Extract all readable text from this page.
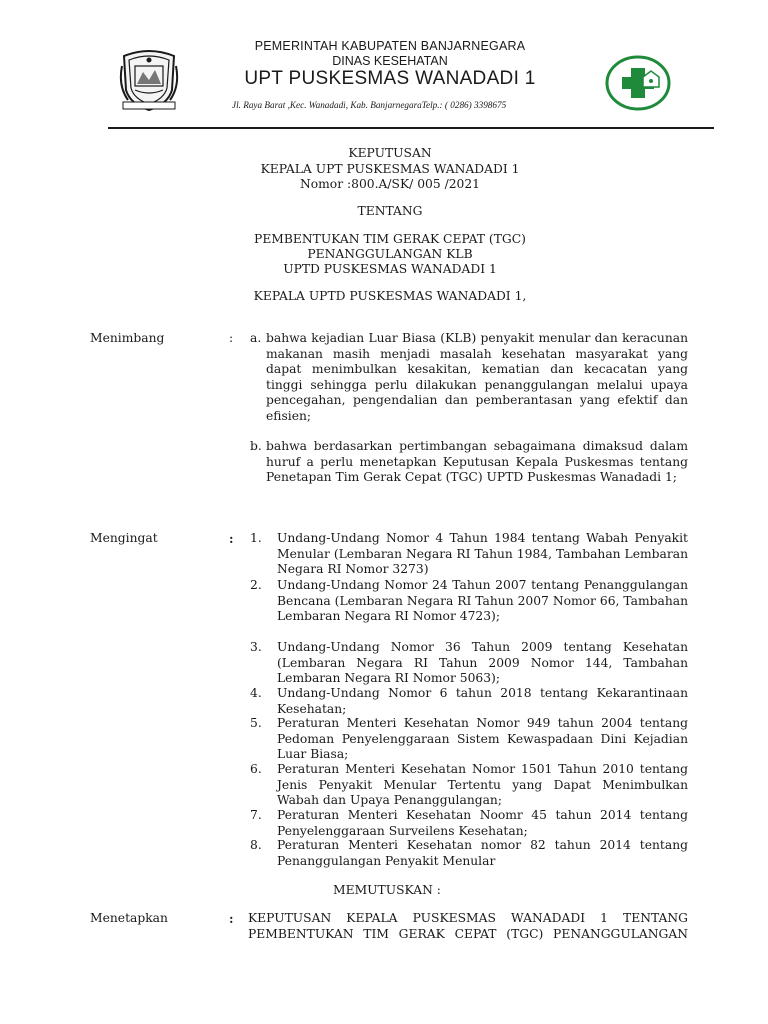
PEMERINTAH KABUPATEN BANJARNEGARA
DINAS KESEHATAN
UPT PUSKESMAS WANADADI 1
Jl. Raya Barat ,Kec. Wanadadi, Kab. BanjarnegaraTelp.: ( 0286) 3398675
KEPUTUSAN
KEPALA UPT PUSKESMAS WANADADI 1
Nomor :800.A/SK/ 005 /2021
TENTANG
PEMBENTUKAN TIM GERAK CEPAT (TGC)
PENANGGULANGAN KLB
UPTD PUSKESMAS WANADADI 1
KEPALA UPTD PUSKESMAS WANADADI 1,
Menimbang	: a. bahwa kejadian Luar Biasa (KLB) penyakit menular dan keracunan makanan masih menjadi masalah kesehatan masyarakat yang dapat menimbulkan kesakitan, kematian dan kecacatan yang tinggi sehingga perlu dilakukan penanggulangan melalui upaya pencegahan, pengendalian dan pemberantasan yang efektif dan efisien;
b. bahwa berdasarkan pertimbangan sebagaimana dimaksud dalam huruf a perlu menetapkan Keputusan Kepala Puskesmas tentang Penetapan Tim Gerak Cepat (TGC) UPTD Puskesmas Wanadadi 1;
Mengingat	: 1. Undang-Undang Nomor 4 Tahun 1984 tentang Wabah Penyakit Menular (Lembaran Negara RI Tahun 1984, Tambahan Lembaran Negara RI Nomor 3273)
2. Undang-Undang Nomor 24 Tahun 2007 tentang Penanggulangan Bencana (Lembaran Negara RI Tahun 2007 Nomor 66, Tambahan Lembaran Negara RI Nomor 4723);
3. Undang-Undang Nomor 36 Tahun 2009 tentang Kesehatan (Lembaran Negara RI Tahun 2009 Nomor 144, Tambahan Lembaran Negara RI Nomor 5063);
4. Undang-Undang Nomor 6 tahun 2018 tentang Kekarantinaan Kesehatan;
5. Peraturan Menteri Kesehatan Nomor 949 tahun 2004 tentang Pedoman Penyelenggaraan Sistem Kewaspadaan Dini Kejadian Luar Biasa;
6. Peraturan Menteri Kesehatan Nomor 1501 Tahun 2010 tentang Jenis Penyakit Menular Tertentu yang Dapat Menimbulkan Wabah dan Upaya Penanggulangan;
7. Peraturan Menteri Kesehatan Noomr 45 tahun 2014 tentang Penyelenggaraan Surveilens Kesehatan;
8. Peraturan Menteri Kesehatan nomor 82 tahun 2014 tentang Penanggulangan Penyakit Menular
MEMUTUSKAN :
Menetapkan	: KEPUTUSAN KEPALA PUSKESMAS WANADADI 1 TENTANG PEMBENTUKAN TIM GERAK CEPAT (TGC) PENANGGULANGAN
